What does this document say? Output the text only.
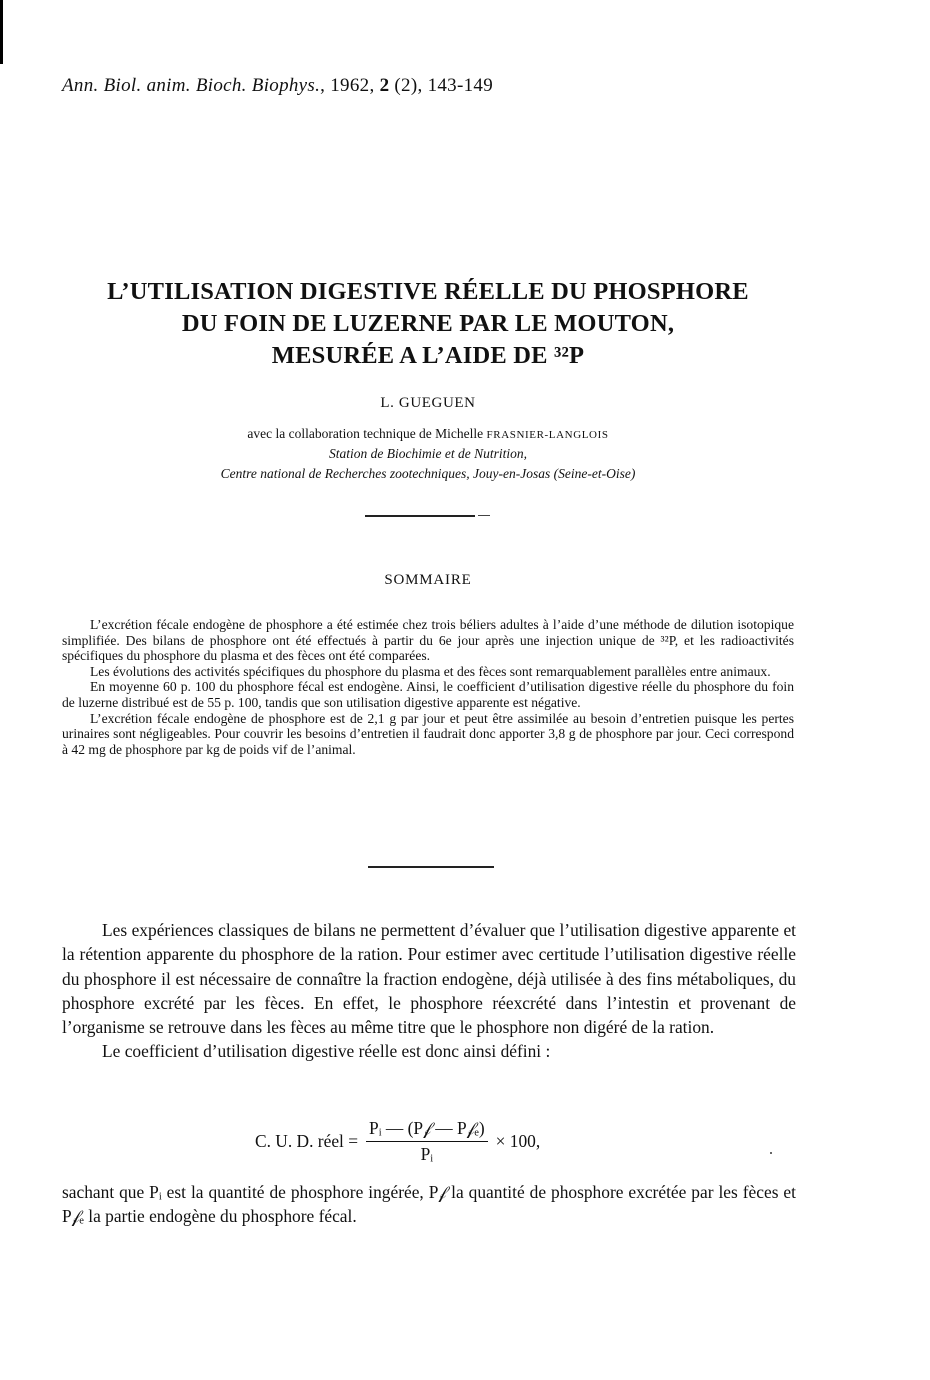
Ann. Biol. anim. Bioch. Biophys., 1962, 2 (2), 143-149
L’UTILISATION DIGESTIVE RÉELLE DU PHOSPHORE
DU FOIN DE LUZERNE PAR LE MOUTON,
MESURÉE A L’AIDE DE ³²P
L. GUEGUEN
avec la collaboration technique de Michelle FRASNIER-LANGLOIS
Station de Biochimie et de Nutrition,
Centre national de Recherches zootechniques, Jouy-en-Josas (Seine-et-Oise)
SOMMAIRE

L’excrétion fécale endogène de phosphore a été estimée chez trois béliers adultes à l’aide d’une méthode de dilution isotopique simplifiée. Des bilans de phosphore ont été effectués à partir du 6e jour après une injection unique de ³²P, et les radioactivités spécifiques du phosphore du plasma et des fèces ont été comparées.

Les évolutions des activités spécifiques du phosphore du plasma et des fèces sont remarquablement parallèles entre animaux.

En moyenne 60 p. 100 du phosphore fécal est endogène. Ainsi, le coefficient d’utilisation digestive réelle du phosphore du foin de luzerne distribué est de 55 p. 100, tandis que son utilisation digestive apparente est négative.

L’excrétion fécale endogène de phosphore est de 2,1 g par jour et peut être assimilée au besoin d’entretien puisque les pertes urinaires sont négligeables. Pour couvrir les besoins d’entretien il faudrait donc apporter 3,8 g de phosphore par jour. Ceci correspond à 42 mg de phosphore par kg de poids vif de l’animal.

Les expériences classiques de bilans ne permettent d’évaluer que l’utilisation digestive apparente et la rétention apparente du phosphore de la ration. Pour estimer avec certitude l’utilisation digestive réelle du phosphore il est nécessaire de connaître la fraction endogène, déjà utilisée à des fins métaboliques, du phosphore excrété par les fèces. En effet, le phosphore réexcrété dans l’intestin et provenant de l’organisme se retrouve dans les fèces au même titre que le phosphore non digéré de la ration.

Le coefficient d’utilisation digestive réelle est donc ainsi défini :

C. U. D. réel = $\frac{\text{Pᵢ — (P𝒻 — P𝒻ₑ)}}{\text{Pᵢ}} \times 100$,

sachant que Pᵢ est la quantité de phosphore ingérée, P𝒻 la quantité de phosphore excrétée par les fèces et P𝒻ₑ la partie endogène du phosphore fécal.
